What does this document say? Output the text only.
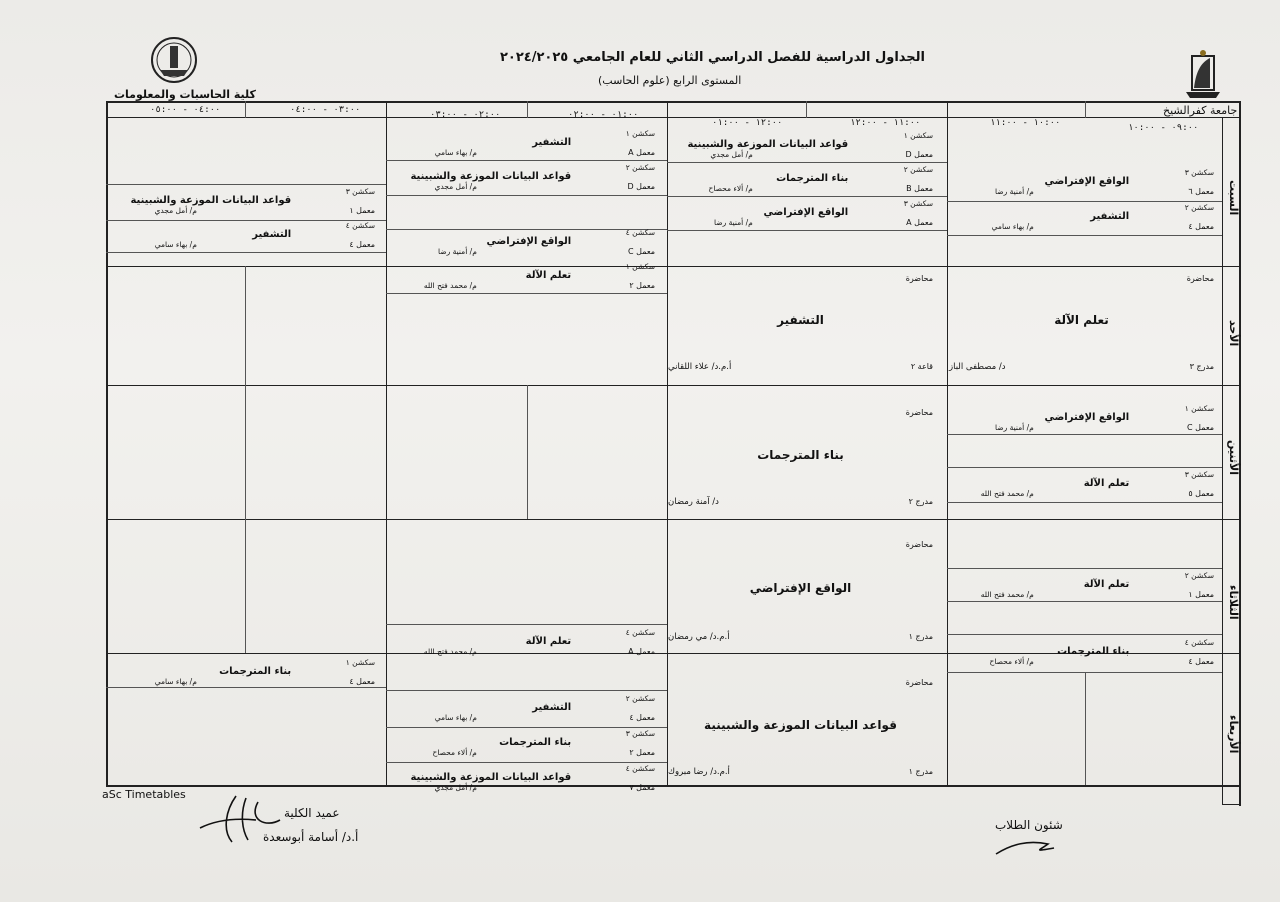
الجداول الدراسية للفصل الدراسي الثاني للعام الجامعي ٢٠٢٤/٢٠٢٥
المستوى الرابع (علوم الحاسب)
جامعة كفرالشيخ
كلية الحاسبات والمعلومات
٠٩:٠٠ - ١٠:٠٠
١٠:٠٠ - ١١:٠٠
١١:٠٠ - ١٢:٠٠
١٢:٠٠ - ٠١:٠٠
٠١:٠٠ - ٠٢:٠٠
٠٢:٠٠ - ٠٣:٠٠
٠٣:٠٠ - ٠٤:٠٠
٠٤:٠٠ - ٠٥:٠٠
السبت
الأحد
الأثنين
الثلاثاء
الأربعاء
سكشن ٣
الواقع الإفتراضي
معمل ٦
م/ أمنية رضا
سكشن ٢
التشفير
معمل ٤
م/ بهاء سامي
سكشن ١
قواعد البيانات الموزعة والشبينية
معمل D
م/ أمل مجدي
سكشن ٢
بناء المترجمات
معمل B
م/ ألاء محصاح
سكشن ٣
الواقع الإفتراضي
معمل A
م/ أمنية رضا
سكشن ١
التشفير
معمل A
م/ بهاء سامي
سكشن ٢
قواعد البيانات الموزعة والشبينية
معمل D
م/ أمل مجدي
سكشن ٤
الواقع الإفتراضي
معمل C
م/ أمنية رضا
سكشن ٣
قواعد البيانات الموزعة والشبينية
معمل ١
م/ أمل مجدي
سكشن ٤
التشفير
معمل ٤
م/ بهاء سامي
سكشن ١
تعلم الآلة
معمل ٢
م/ محمد فتح الله
سكشن ١
الواقع الإفتراضي
معمل C
م/ أمنية رضا
سكشن ٣
تعلم الآلة
معمل ٥
م/ محمد فتح الله
سكشن ٢
تعلم الآلة
معمل ١
م/ محمد فتح الله
سكشن ٤
بناء المترجمات
معمل ٤
م/ ألاء محصاح
سكشن ٤
تعلم الآلة
معمل A
م/ محمد فتح الله
سكشن ١
بناء المترجمات
معمل ٤
م/ بهاء سامي
سكشن ٢
التشفير
معمل ٤
م/ بهاء سامي
سكشن ٣
بناء المترجمات
معمل ٢
م/ ألاء محصاح
سكشن ٤
قواعد البيانات الموزعة والشبينية
معمل ٧
م/ أمل مجدي
محاضرة
تعلم الآلة
مدرج ٣
د/ مصطفى الباز
محاضرة
التشفير
قاعة ٢
أ.م.د/ علاء اللقاني
محاضرة
بناء المترجمات
مدرج ٢
د/ آمنة رمضان
محاضرة
الواقع الإفتراضي
مدرج ١
أ.م.د/ مي رمضان
محاضرة
قواعد البيانات الموزعة والشبينية
مدرج ١
أ.م.د/ رضا مبروك
aSc Timetables
عميد الكلية
أ.د/ أسامة أبوسعدة
شئون الطلاب
